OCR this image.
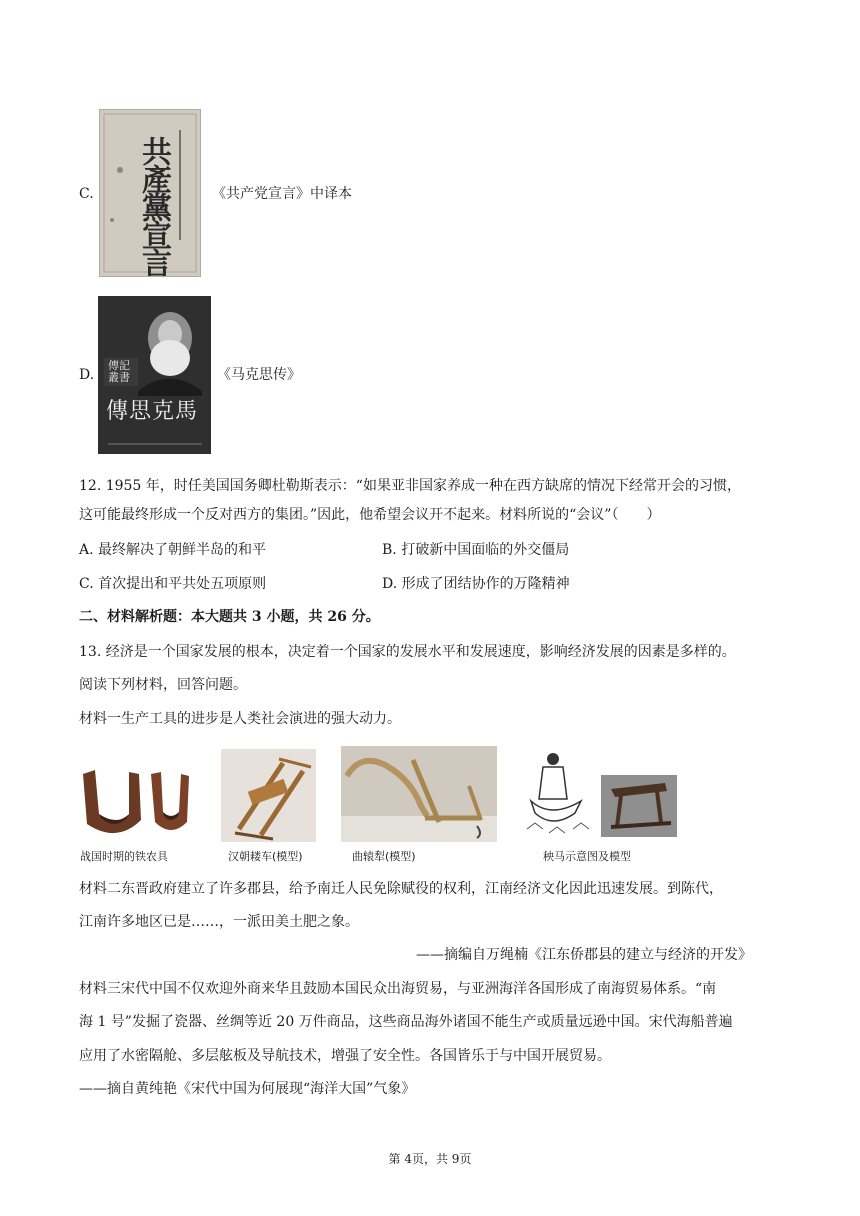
C. 共產黨宣言	《共产党宣言》中译本
D.
傳記叢書
傳思克馬
《马克思传》
12. 1955 年，时任美国国务卿杜勒斯表示：“如果亚非国家养成一种在西方缺席的情况下经常开会的习惯，
这可能最终形成一个反对西方的集团。”因此，他希望会议开不起来。材料所说的“会议”（　　）
A. 最终解决了朝鲜半岛的和平	B. 打破新中国面临的外交僵局
C. 首次提出和平共处五项原则	D. 形成了团结协作的万隆精神
二、材料解析题：本大题共 3 小题，共 26 分。
13. 经济是一个国家发展的根本，决定着一个国家的发展水平和发展速度，影响经济发展的因素是多样的。
阅读下列材料，回答问题。
材料一生产工具的进步是人类社会演进的强大动力。
战国时期的铁农具	汉朝耧车(模型)	曲辕犁(模型)	秧马示意图及模型
材料二东晋政府建立了许多郡县，给予南迁人民免除赋役的权利，江南经济文化因此迅速发展。到陈代，
江南许多地区已是……，一派田美土肥之象。
——摘编自万绳楠《江东侨郡县的建立与经济的开发》
材料三宋代中国不仅欢迎外商来华且鼓励本国民众出海贸易，与亚洲海洋各国形成了南海贸易体系。“南
海 1 号”发掘了瓷器、丝绸等近 20 万件商品，这些商品海外诸国不能生产或质量远逊中国。宋代海船普遍
应用了水密隔舱、多层舷板及导航技术，增强了安全性。各国皆乐于与中国开展贸易。
——摘自黄纯艳《宋代中国为何展现“海洋大国”气象》
第 4页，共 9页
